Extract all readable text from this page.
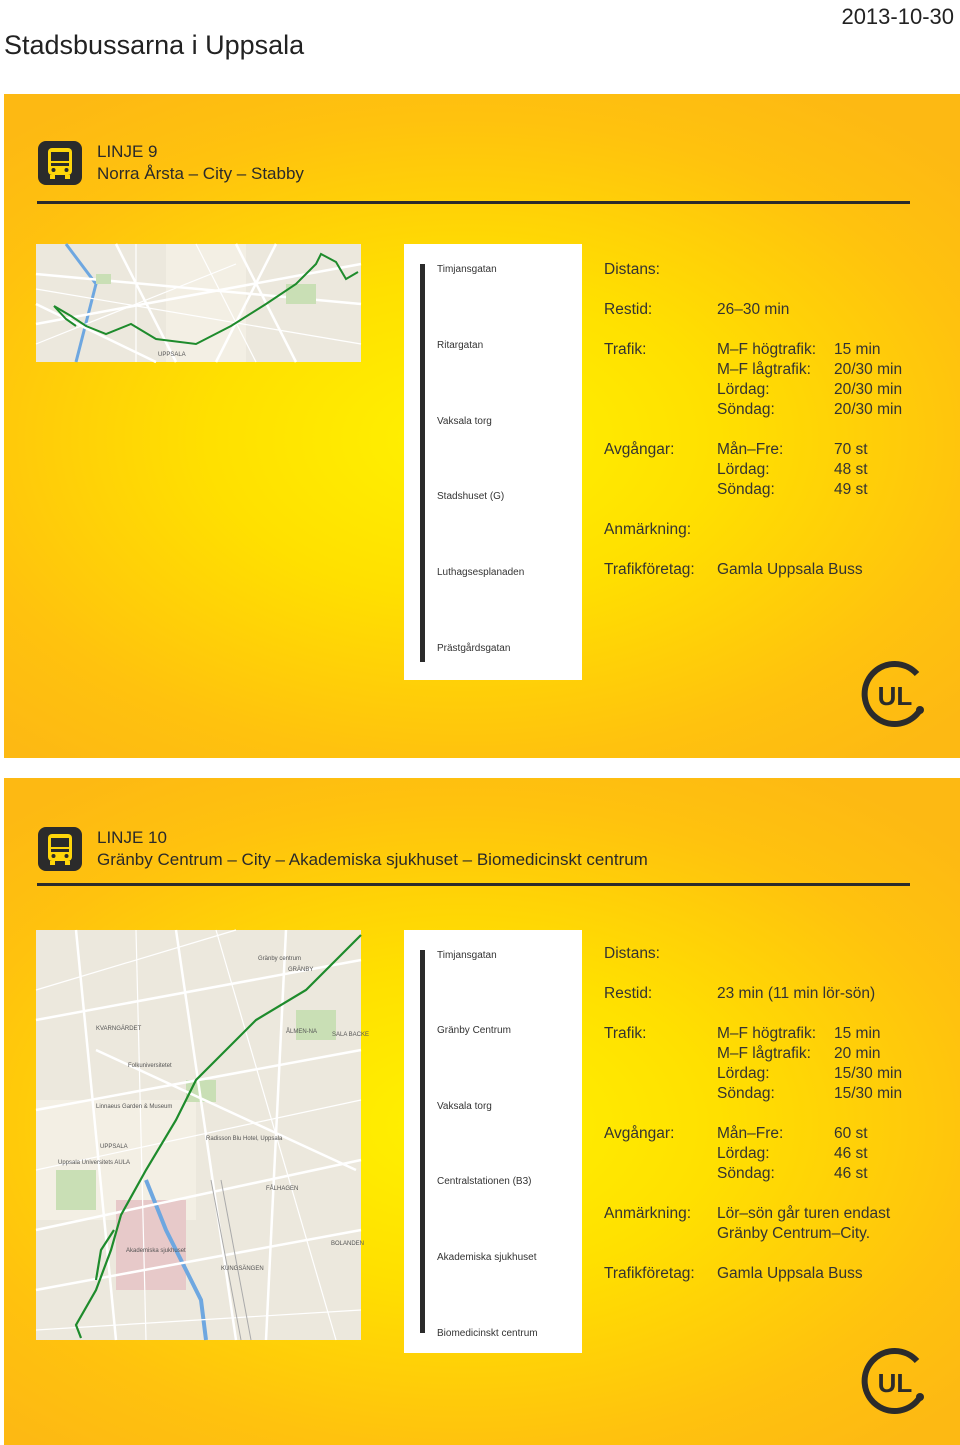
Stadsbussarna i Uppsala
2013-10-30
LINJE 9
Norra Årsta – City – Stabby
UPPSALA
Timjansgatan
Ritargatan
Vaksala torg
Stadshuset (G)
Luthagsesplanaden
Prästgårdsgatan
Distans:
Restid:	26–30 min
Trafik:	M–F högtrafik: 15 min
M–F lågtrafik: 20/30 min
Lördag:	20/30 min
Söndag:	20/30 min
Avgångar:	Mån–Fre:	70 st
Lördag:	48 st
Söndag:	49 st
Anmärkning:
Trafikföretag: Gamla Uppsala Buss
UL
LINJE 10
Gränby Centrum – City – Akademiska sjukhuset – Biomedicinskt centrum
UPPSALA
GRÄNBY
KVARNGÄRDET	ÅLMEN-NA SALA BACKE
FÅLHAGEN
BOLANDEN
KUNGSÄNGEN
Folkuniversitetet
Linnaeus Garden & Museum
Uppsala Universitets AULA
Radisson Blu Hotel, Uppsala
Akademiska sjukhuset
Gränby centrum	Timjansgatan
Gränby Centrum
Vaksala torg
Centralstationen (B3)
Akademiska sjukhuset
Biomedicinskt centrum
Distans:
Restid:	23 min (11 min lör-sön)
Trafik:	M–F högtrafik: 15 min
M–F lågtrafik: 20 min
Lördag:	15/30 min
Söndag:	15/30 min
Avgångar:	Mån–Fre:	60 st
Lördag:	46 st
Söndag:	46 st
Anmärkning: Lör–sön går turen endast
Gränby Centrum–City.
Trafikföretag: Gamla Uppsala Buss
UL
